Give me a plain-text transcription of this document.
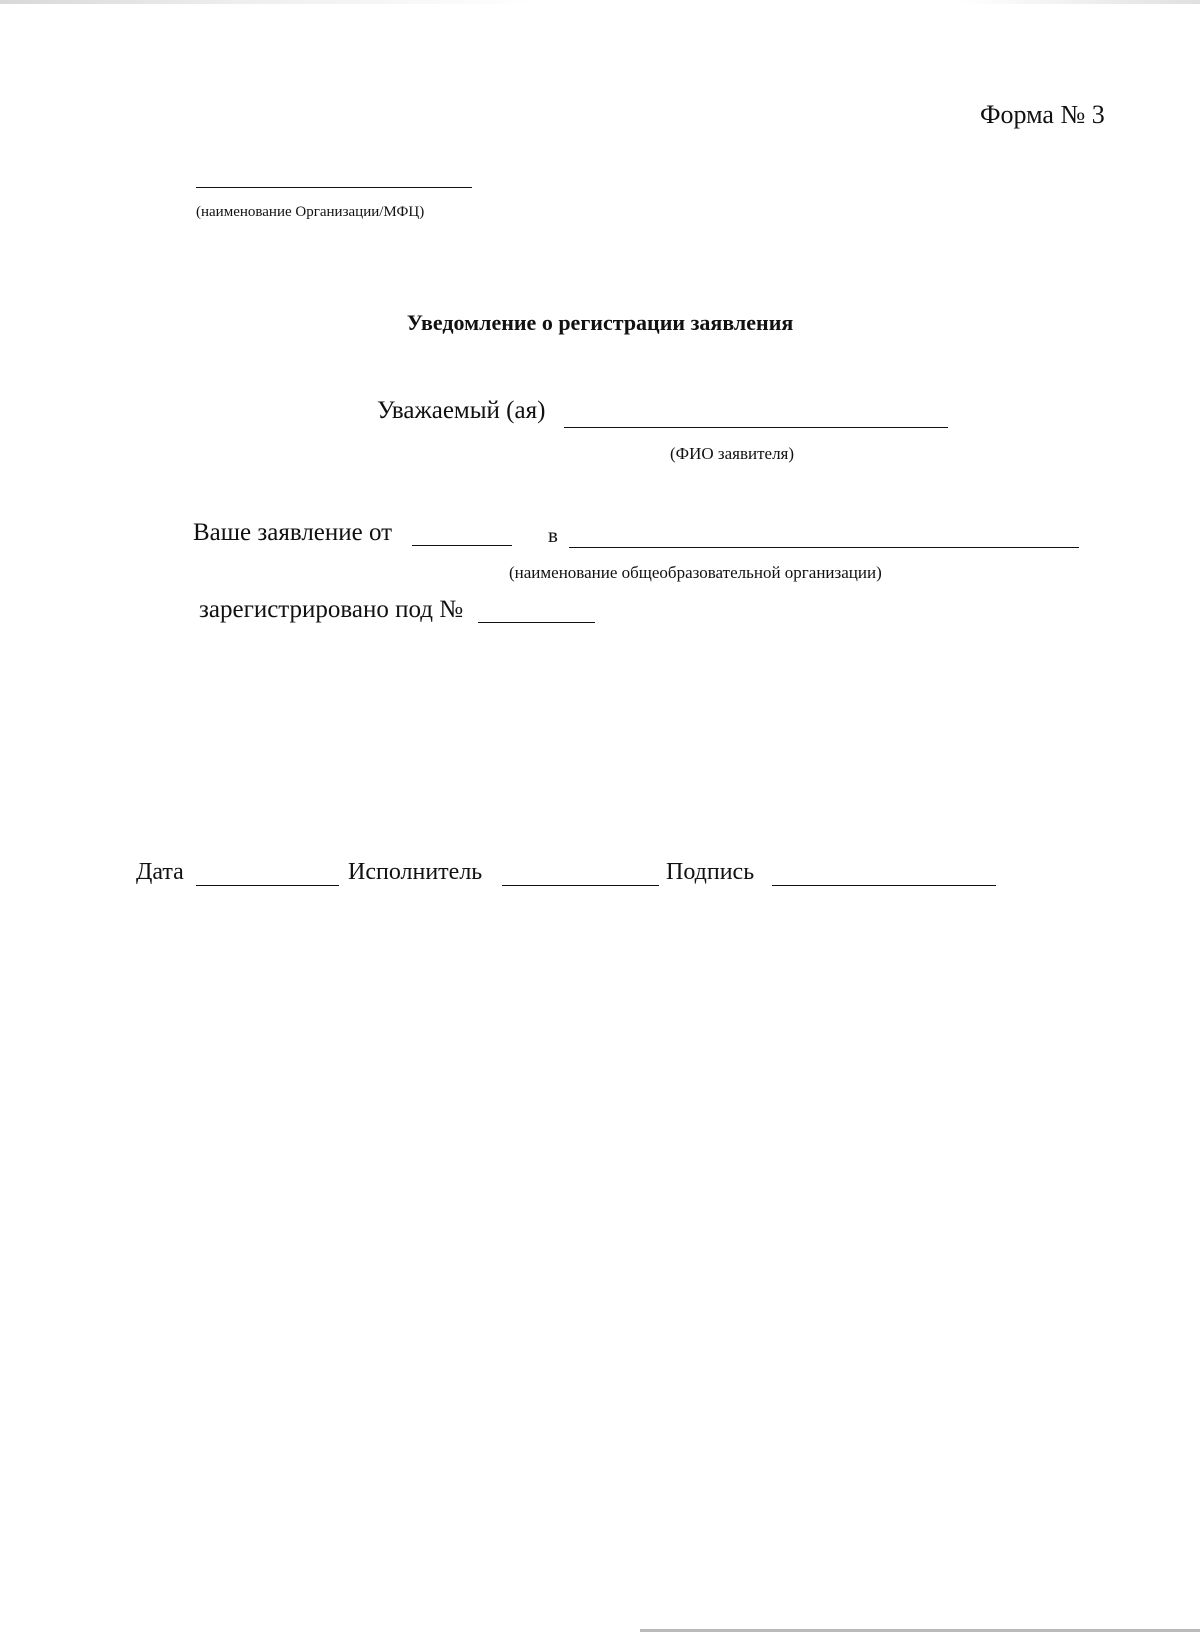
Форма № 3
(наименование Организации/МФЦ)
Уведомление о регистрации заявления
Уважаемый (ая)
(ФИО заявителя)
Ваше заявление от	в
(наименование общеобразовательной организации)
зарегистрировано под №
Дата	Исполнитель	Подпись
